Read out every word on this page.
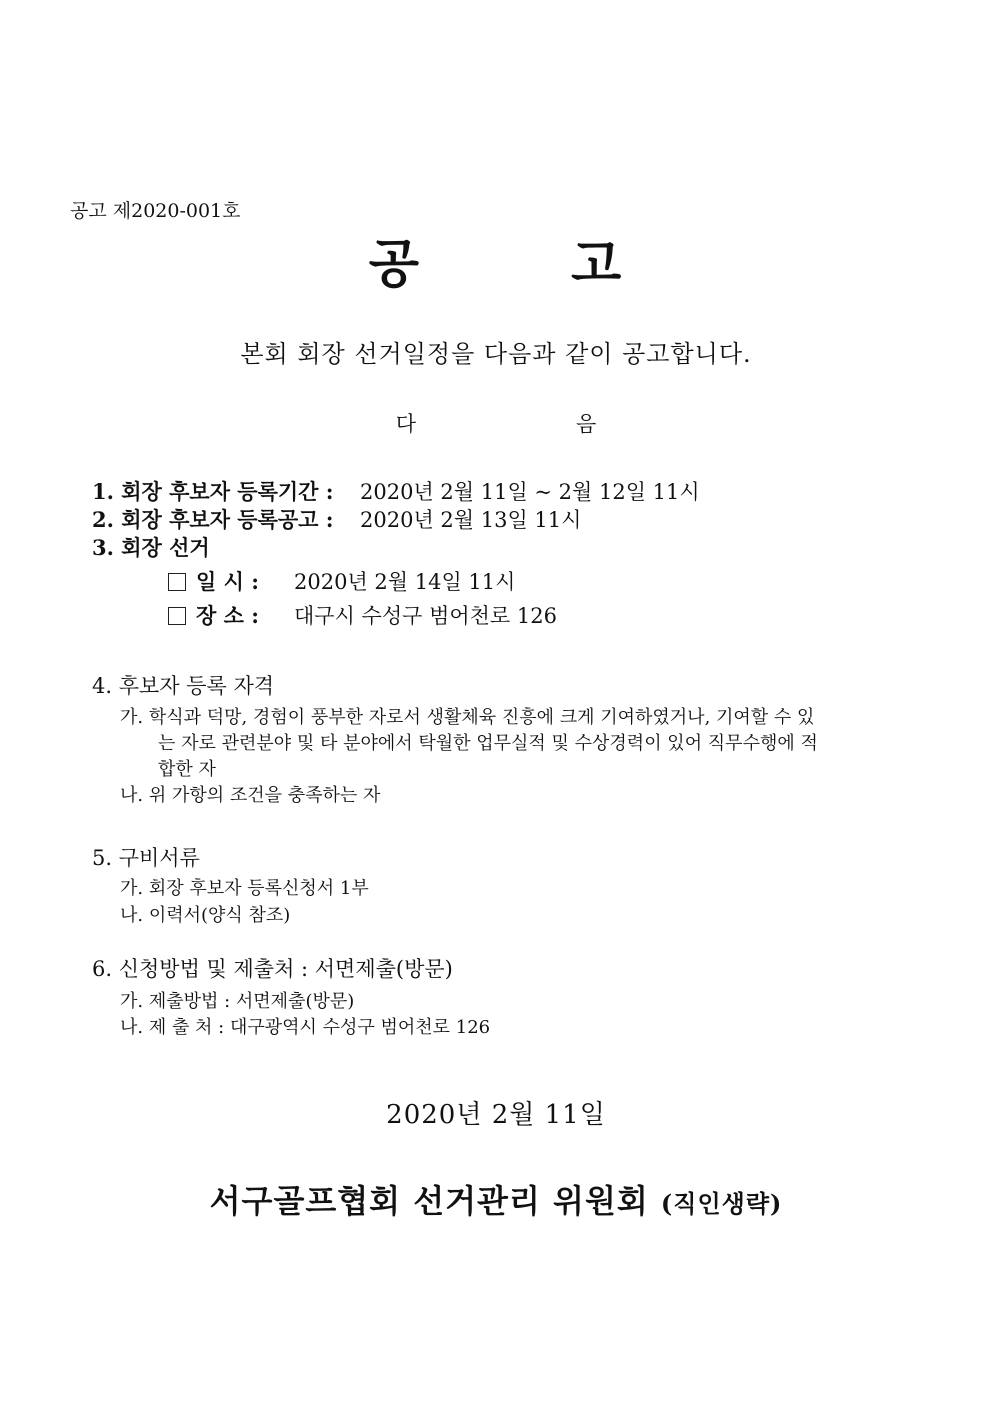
공고 제2020-001호
공	고
본회 회장 선거일정을 다음과 같이 공고합니다.
다	음
1. 회장 후보자 등록기간 : 2020년 2월 11일 ~ 2월 12일 11시
2. 회장 후보자 등록공고 : 2020년 2월 13일 11시
3. 회장 선거
일 시 : 2020년 2월 14일 11시
장 소 : 대구시 수성구 범어천로 126
4. 후보자 등록 자격
가. 학식과 덕망, 경험이 풍부한 자로서 생활체육 진흥에 크게 기여하였거나, 기여할 수 있
는 자로 관련분야 및 타 분야에서 탁월한 업무실적 및 수상경력이 있어 직무수행에 적
합한 자
나. 위 가항의 조건을 충족하는 자
5. 구비서류
가. 회장 후보자 등록신청서 1부
나. 이력서(양식 참조)
6. 신청방법 및 제출처 : 서면제출(방문)
가. 제출방법 : 서면제출(방문)
나. 제 출 처 : 대구광역시 수성구 범어천로 126
2020년 2월 11일
서구골프협회 선거관리 위원회 (직인생략)
